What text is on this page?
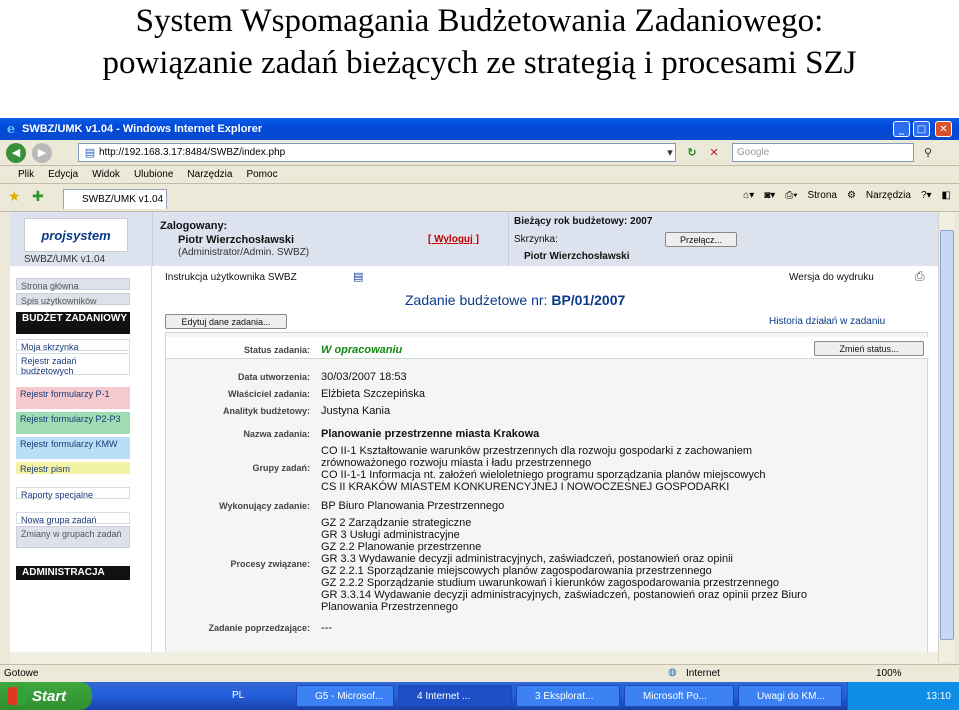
System Wspomagania Budżetowania Zadaniowego:
powiązanie zadań bieżących ze strategią i procesami SZJ
e SWBZ/UMK v1.04 - Windows Internet Explorer	_	□	✕
◀	▶	http://192.168.3.17:8484/SWBZ/index.php
▤	▾	↻	✕	Google	⚲
Plik Edycja Widok Ulubione Narzędzia Pomoc
★ ✚	SWBZ/UMK v1.04	⌂▾ ◙▾ ⎙▾ Strona ⚙ Narzędzia ?▾ ◧
projsystem
SWBZ/UMK v1.04
Zalogowany:
Piotr Wierzchosławski
(Administrator/Admin. SWBZ)
[ Wyloguj ]
Bieżący rok budżetowy: 2007
Skrzynka:	Przełącz...
Piotr Wierzchosławski
Strona główna
Spis użytkowników
BUDŻET ZADANIOWY
Moja skrzynka
Rejestr zadań budżetowych
Rejestr formularzy P-1
Rejestr formularzy P2-P3
Rejestr formularzy KMW
Rejestr pism
Raporty specjalne
Nowa grupa zadań
Zmiany w grupach zadań
ADMINISTRACJA
Instrukcja użytkownika SWBZ	▤	Wersja do wydruku	⎙
Zadanie budżetowe nr: BP/01/2007
Edytuj dane zadania...	Historia działań w zadaniu
Status zadania: W opracowaniu	Zmień status...
Data utworzenia: 30/03/2007 18:53
Właściciel zadania: Elżbieta Szczepińska
Analityk budżetowy: Justyna Kania
Nazwa zadania: Planowanie przestrzenne miasta Krakowa
Grupy zadań:
CO II-1 Kształtowanie warunków przestrzennych dla rozwoju gospodarki z zachowaniem
zrównoważonego rozwoju miasta i ładu przestrzennego
CO II-1-1 Informacja nt. założeń wieloletniego programu sporządzania planów miejscowych
CS II KRAKÓW MIASTEM KONKURENCYJNEJ I NOWOCZESNEJ GOSPODARKI
Wykonujący zadanie: BP Biuro Planowania Przestrzennego
Procesy związane:
GZ 2 Zarządzanie strategiczne
GR 3 Usługi administracyjne
GZ 2.2 Planowanie przestrzenne
GR 3.3 Wydawanie decyzji administracyjnych, zaświadczeń, postanowień oraz opinii
GZ 2.2.1 Sporządzanie miejscowych planów zagospodarowania przestrzennego
GZ 2.2.2 Sporządzanie studium uwarunkowań i kierunków zagospodarowania przestrzennego
GR 3.3.14 Wydawanie decyzji administracyjnych, zaświadczeń, postanowień oraz opinii przez Biuro
Planowania Przestrzennego
Zadanie poprzedzające: ---
Gotowe	◍ Internet	100%
Start	PL	G5 - Microsof...	4 Internet ...	3 Eksplorat...	Microsoft Po...	Uwagi do KM...	13:10
